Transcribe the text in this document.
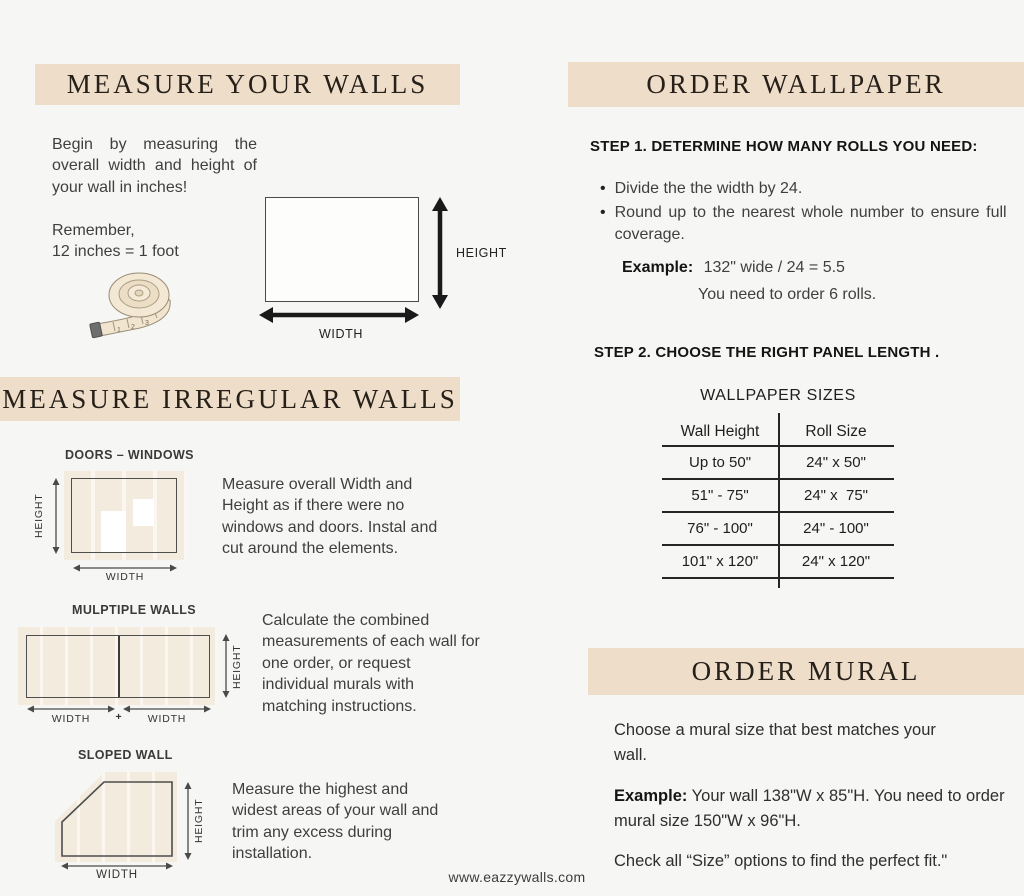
MEASURE YOUR WALLS
Begin by measuring the overall width and height of your wall in inches!
Remember,
12 inches = 1 foot
1 2
3
HEIGHT
WIDTH
MEASURE IRREGULAR WALLS
DOORS – WINDOWS
HEIGHT
WIDTH
Measure overall Width and Height as if there were no windows and doors. Instal and cut around the elements.
MULPTIPLE WALLS
WIDTH	+	WIDTH
HEIGHT
Calculate the combined measurements of each wall for one order, or request individual murals with matching instructions.
SLOPED WALL
HEIGHT
WIDTH
Measure the highest and widest areas of your wall and trim any excess during installation.
ORDER WALLPAPER
STEP 1. DETERMINE HOW MANY ROLLS YOU NEED:
• Divide the the width by 24.
• Round up to the nearest whole number to ensure full coverage.
Example: 132" wide / 24 = 5.5
You need to order 6 rolls.
STEP 2. CHOOSE THE RIGHT PANEL LENGTH .
WALLPAPER SIZES
Wall Height	Roll Size
Up to 50"	24" x 50"
51" - 75"	24" x  75"
76" - 100"	24" - 100"
101" x 120"	24" x 120"
ORDER MURAL
Choose a mural size that best matches your wall.
Example: Your wall 138"W x 85"H. You need to order mural size 150"W x 96"H.
Check all “Size” options to find the perfect fit."
www.eazzywalls.com
